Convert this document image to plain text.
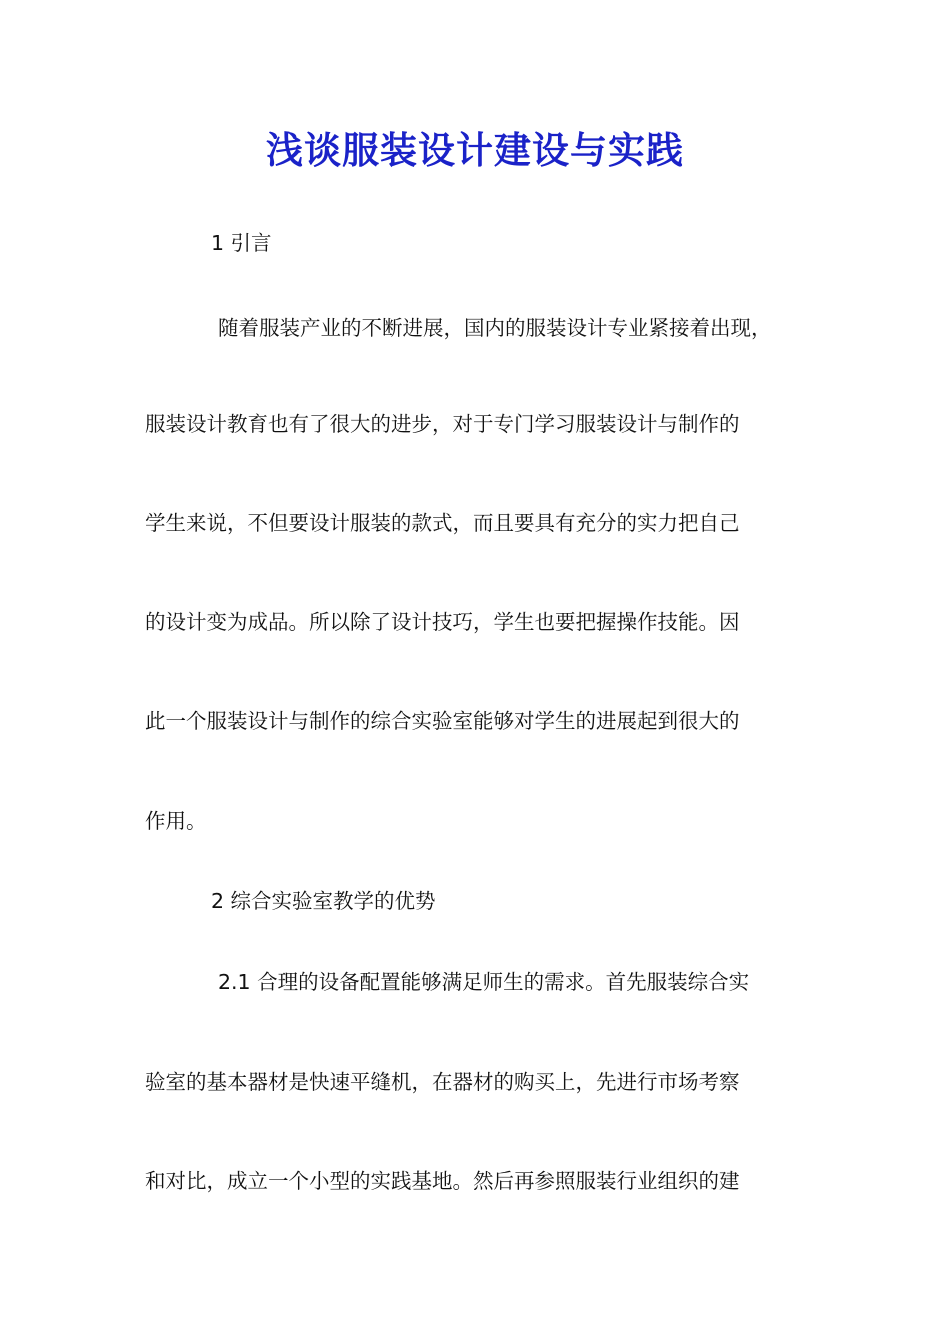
浅谈服装设计建设与实践

1 引言

随着服装产业的不断进展，国内的服装设计专业紧接着出现，

服装设计教育也有了很大的进步，对于专门学习服装设计与制作的

学生来说，不但要设计服装的款式，而且要具有充分的实力把自己

的设计变为成品。所以除了设计技巧，学生也要把握操作技能。因

此一个服装设计与制作的综合实验室能够对学生的进展起到很大的

作用。

2 综合实验室教学的优势

2.1 合理的设备配置能够满足师生的需求。首先服装综合实

验室的基本器材是快速平缝机，在器材的购买上，先进行市场考察

和对比，成立一个小型的实践基地。然后再参照服装行业组织的建
